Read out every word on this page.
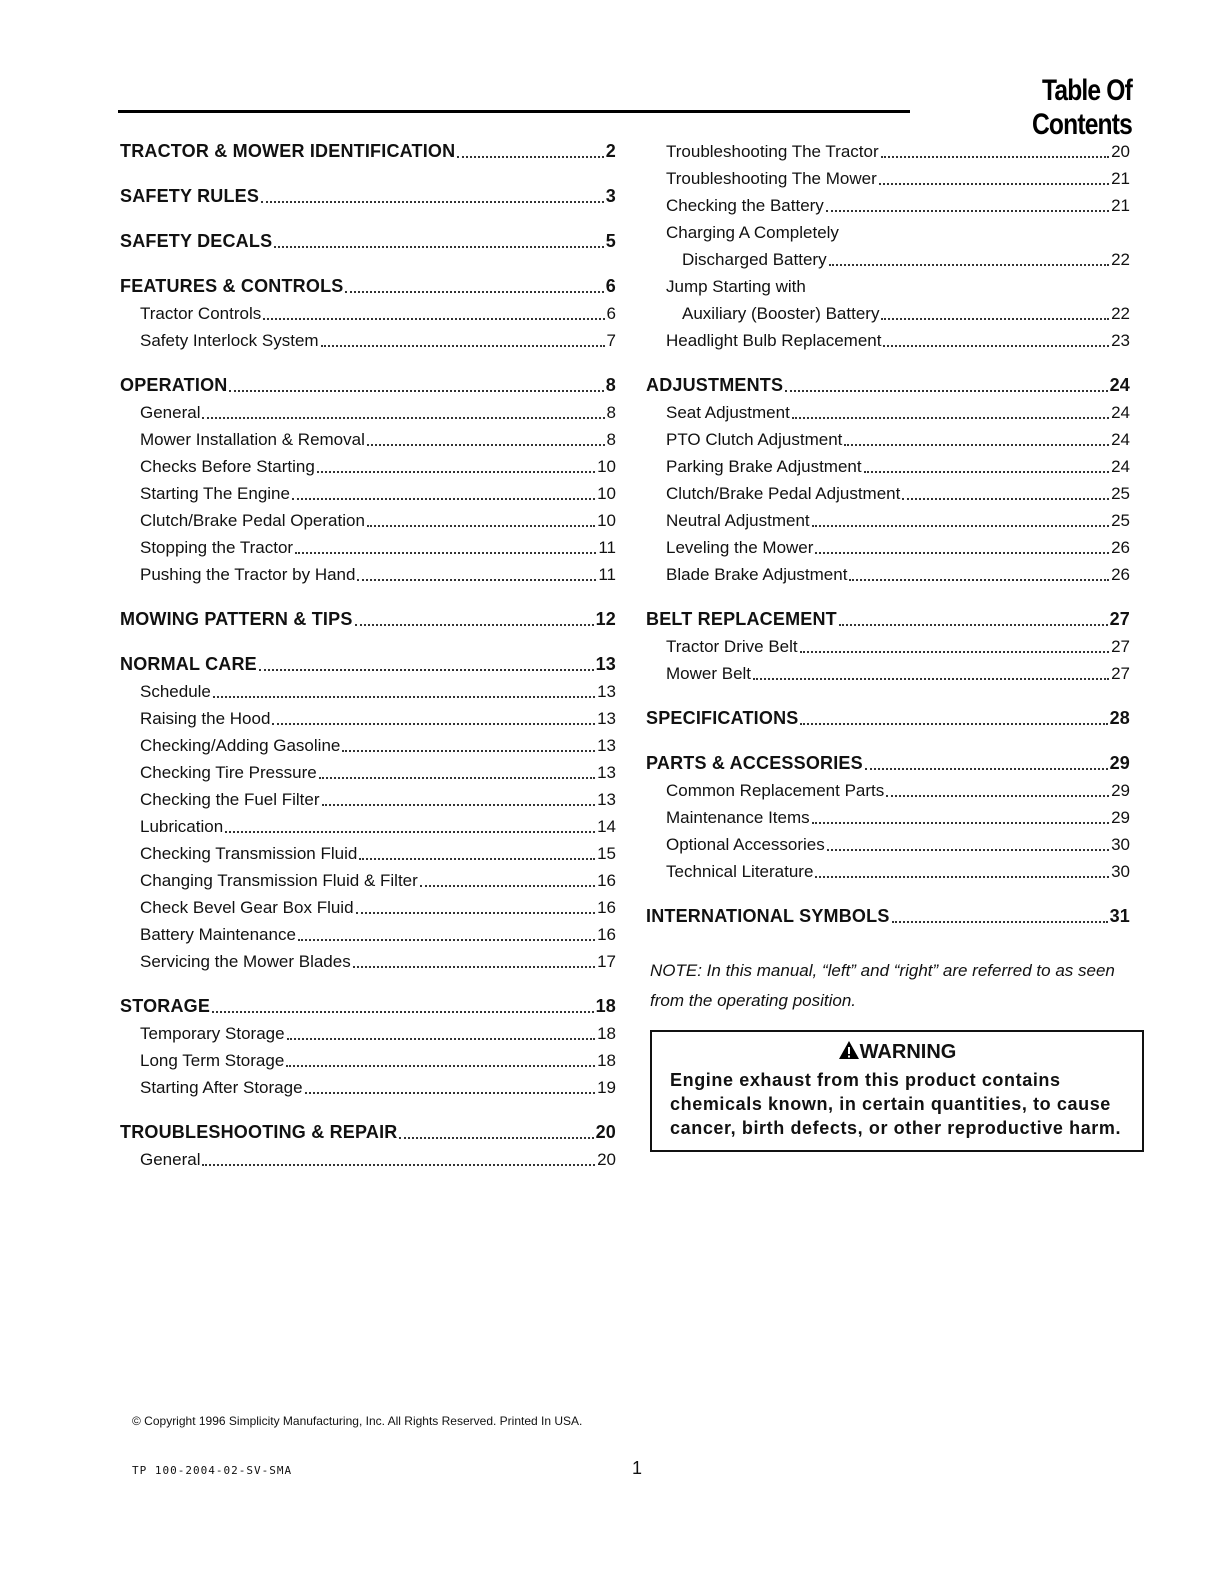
Table Of Contents
TRACTOR & MOWER IDENTIFICATION	2
SAFETY RULES	3
SAFETY DECALS	5
FEATURES & CONTROLS	6
Tractor Controls	6
Safety Interlock System	7
OPERATION	8
General	8
Mower Installation & Removal	8
Checks Before Starting	10
Starting The Engine	10
Clutch/Brake Pedal Operation	10
Stopping the Tractor	11
Pushing the Tractor by Hand	11
MOWING PATTERN & TIPS	12
NORMAL CARE	13
Schedule	13
Raising the Hood	13
Checking/Adding Gasoline	13
Checking Tire Pressure	13
Checking the Fuel Filter	13
Lubrication	14
Checking Transmission Fluid	15
Changing Transmission Fluid & Filter	16
Check Bevel Gear Box Fluid	16
Battery Maintenance	16
Servicing the Mower Blades	17
STORAGE	18
Temporary Storage	18
Long Term Storage	18
Starting After Storage	19
TROUBLESHOOTING & REPAIR	20
General	20
Troubleshooting The Tractor	20
Troubleshooting The Mower	21
Checking the Battery	21
Charging A Completely
Discharged Battery	22
Jump Starting with
Auxiliary (Booster) Battery	22
Headlight Bulb Replacement	23
ADJUSTMENTS	24
Seat Adjustment	24
PTO Clutch Adjustment	24
Parking Brake Adjustment	24
Clutch/Brake Pedal Adjustment	25
Neutral Adjustment	25
Leveling the Mower	26
Blade Brake Adjustment	26
BELT REPLACEMENT	27
Tractor Drive Belt	27
Mower Belt	27
SPECIFICATIONS	28
PARTS & ACCESSORIES	29
Common Replacement Parts	29
Maintenance Items	29
Optional Accessories	30
Technical Literature	30
INTERNATIONAL SYMBOLS	31
NOTE: In this manual, “left” and “right” are referred to as seen from the operating position.
WARNING
Engine exhaust from this product contains chemicals known, in certain quantities, to cause cancer, birth defects, or other reproductive harm.
© Copyright 1996 Simplicity Manufacturing, Inc. All Rights Reserved. Printed In USA.
TP 100-2004-02-SV-SMA	1
